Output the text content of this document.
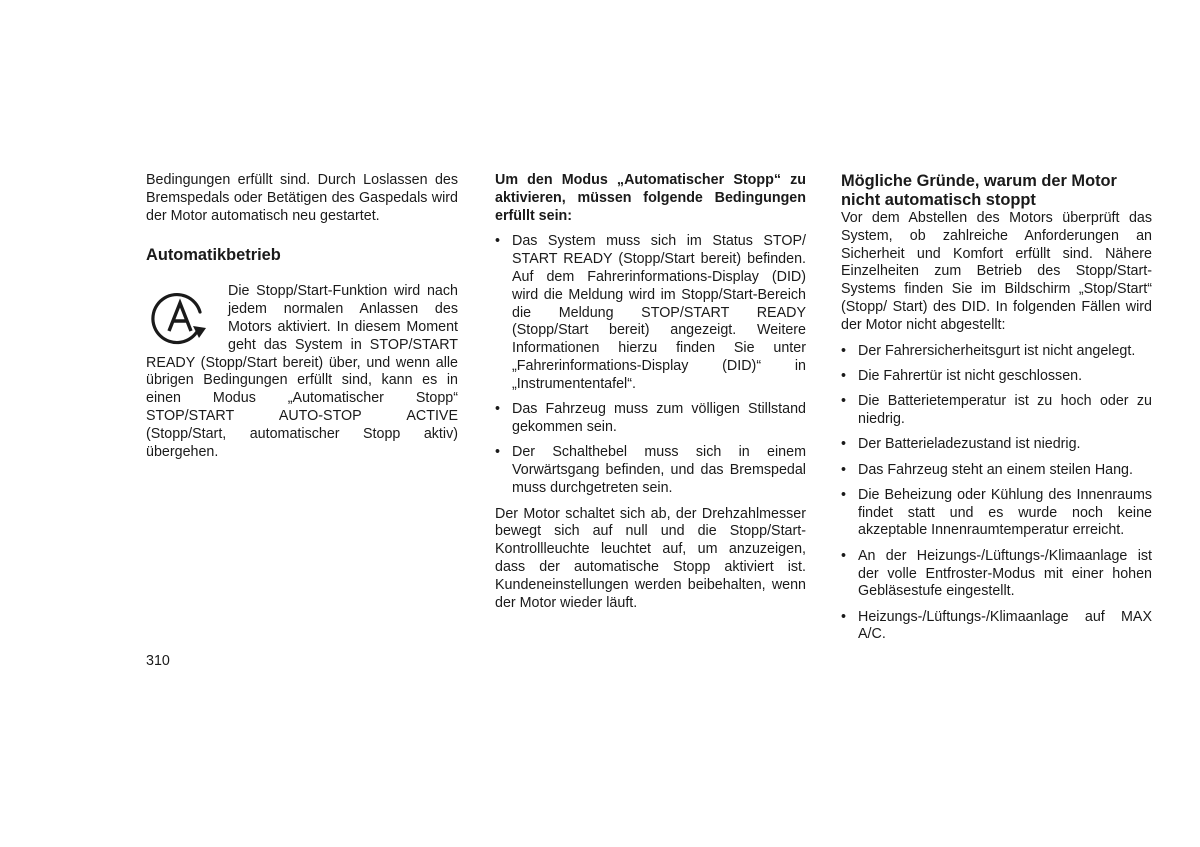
Bedingungen erfüllt sind. Durch Loslassen des Bremspedals oder Betätigen des Gaspedals wird der Motor automatisch neu gestartet.

Automatikbetrieb

Die Stopp/Start-Funktion wird nach jedem normalen Anlassen des Motors aktiviert. In diesem Moment geht das System in STOP/START READY (Stopp/Start bereit) über, und wenn alle übrigen Bedingungen erfüllt sind, kann es in einen Modus „Automatischer Stopp“ STOP/START AUTO-STOP ACTIVE (Stopp/Start, automatischer Stopp aktiv) übergehen.

Um den Modus „Automatischer Stopp“ zu aktivieren, müssen folgende Bedingungen erfüllt sein:

• Das System muss sich im Status STOP/ START READY (Stopp/Start bereit) befinden. Auf dem Fahrerinformations-Display (DID) wird die Meldung wird im Stopp/Start-Bereich die Meldung STOP/START READY (Stopp/Start bereit) angezeigt. Weitere Informationen hierzu finden Sie unter „Fahrerinformations-Display (DID)“ in „Instrumententafel“.
• Das Fahrzeug muss zum völligen Stillstand gekommen sein.
• Der Schalthebel muss sich in einem Vorwärtsgang befinden, und das Bremspedal muss durchgetreten sein.

Der Motor schaltet sich ab, der Drehzahlmesser bewegt sich auf null und die Stopp/Start-Kontrollleuchte leuchtet auf, um anzuzeigen, dass der automatische Stopp aktiviert ist. Kundeneinstellungen werden beibehalten, wenn der Motor wieder läuft.

Mögliche Gründe, warum der Motor nicht automatisch stoppt

Vor dem Abstellen des Motors überprüft das System, ob zahlreiche Anforderungen an Sicherheit und Komfort erfüllt sind. Nähere Einzelheiten zum Betrieb des Stopp/Start-Systems finden Sie im Bildschirm „Stop/Start“ (Stopp/ Start) des DID. In folgenden Fällen wird der Motor nicht abgestellt:

• Der Fahrersicherheitsgurt ist nicht angelegt.
• Die Fahrertür ist nicht geschlossen.
• Die Batterietemperatur ist zu hoch oder zu niedrig.
• Der Batterieladezustand ist niedrig.
• Das Fahrzeug steht an einem steilen Hang.
• Die Beheizung oder Kühlung des Innenraums findet statt und es wurde noch keine akzeptable Innenraumtemperatur erreicht.
• An der Heizungs-/Lüftungs-/Klimaanlage ist der volle Entfroster-Modus mit einer hohen Gebläsestufe eingestellt.
• Heizungs-/Lüftungs-/Klimaanlage auf MAX A/C.
310
